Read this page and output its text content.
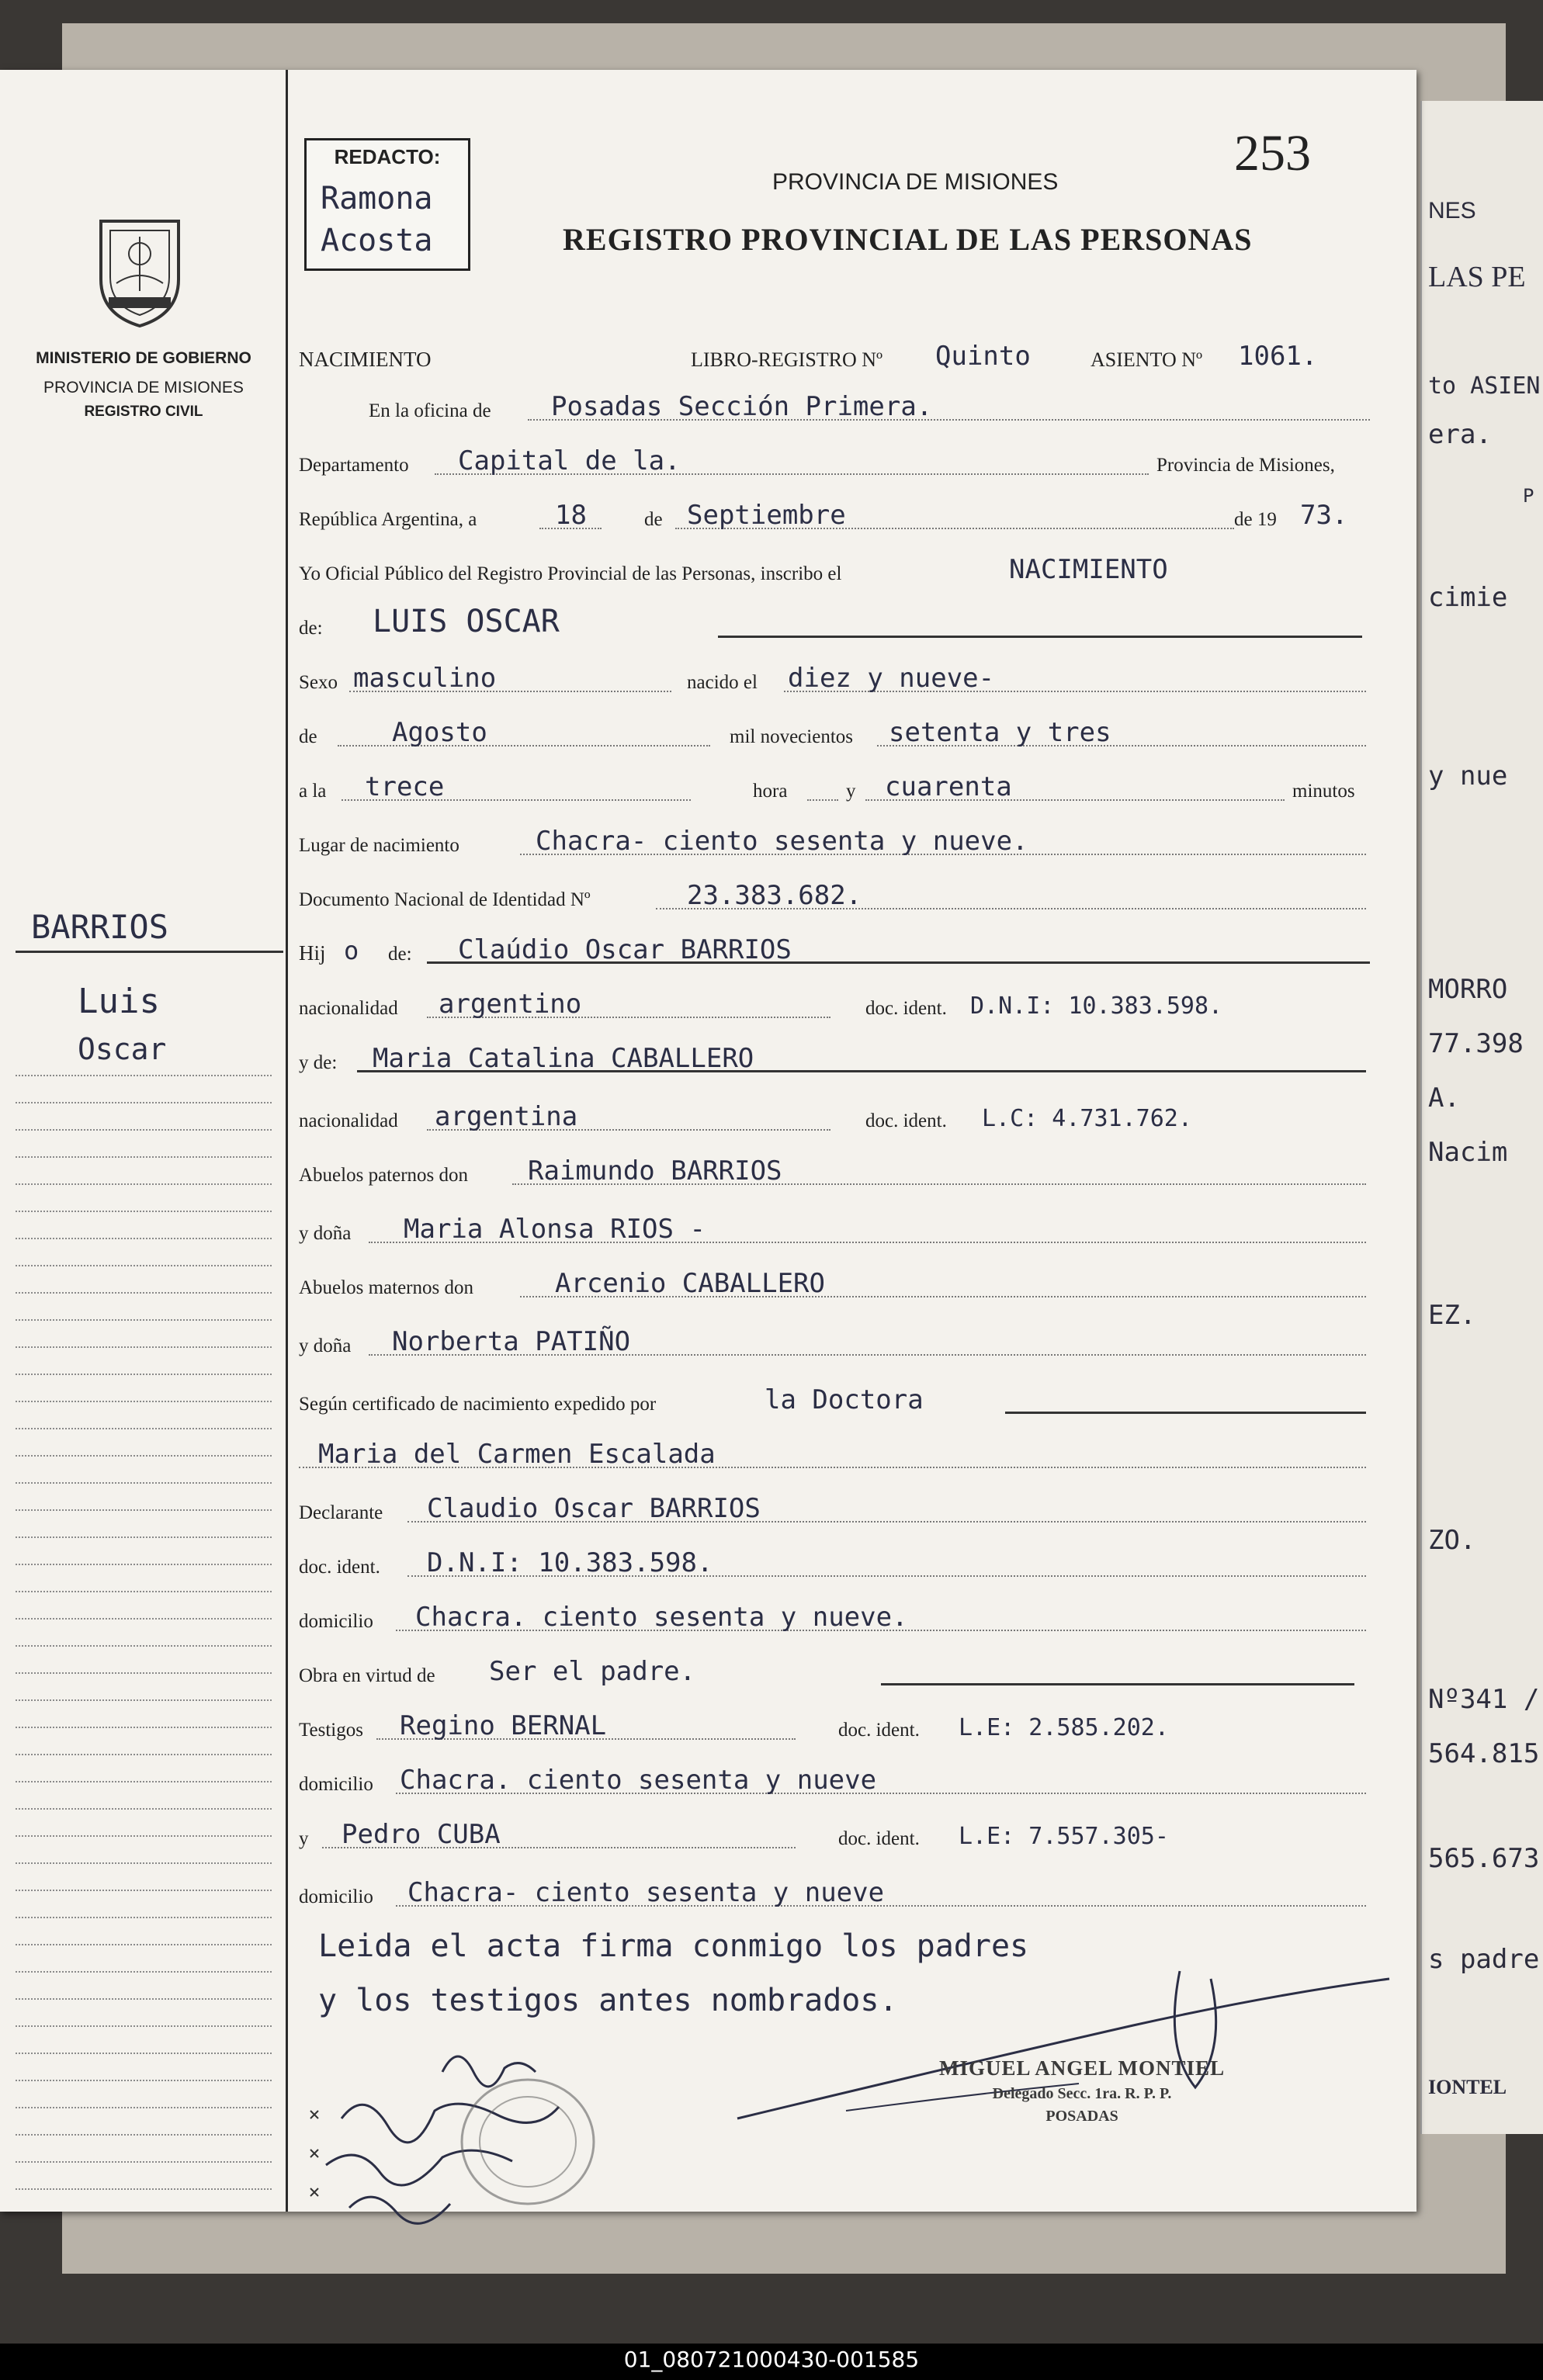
NES
LAS PE
to ASIEN
era.
P
cimie
y nue
MORRO
77.398
A.
Nacim
EZ.
ZO.
Nº341 /
564.815
565.673
s padre
IONTEL
MINISTERIO DE GOBIERNO
PROVINCIA DE MISIONES
REGISTRO CIVIL
BARRIOS
Luis
Oscar
REDACTO:
Ramona
Acosta
253
PROVINCIA DE MISIONES
REGISTRO PROVINCIAL DE LAS PERSONAS
NACIMIENTO	LIBRO-REGISTRO Nº Quinto	ASIENTO Nº 1061.
En la oficina de Posadas Sección Primera.
Departamento Capital de la.	Provincia de Misiones,
República Argentina, a	18	de Septiembre	de 19 73.
Yo Oficial Público del Registro Provincial de las Personas, inscribo el	NACIMIENTO
de: LUIS OSCAR
Sexo masculino	nacido el diez y nueve-
de	Agosto	mil novecientos setenta y tres
a la trece	hora	y cuarenta	minutos
Lugar de nacimiento	Chacra- ciento sesenta y nueve.
Documento Nacional de Identidad Nº	23.383.682.
Hij o de: Claúdio Oscar BARRIOS
nacionalidad argentino	doc. ident. D.N.I: 10.383.598.
y de: Maria Catalina CABALLERO
nacionalidad argentina	doc. ident. L.C: 4.731.762.
Abuelos paternos don Raimundo BARRIOS
y doña Maria Alonsa RIOS -
Abuelos maternos don	Arcenio CABALLERO
y doña Norberta PATIÑO
Según certificado de nacimiento expedido por	la Doctora
Maria del Carmen Escalada
Declarante Claudio Oscar BARRIOS
doc. ident. D.N.I: 10.383.598.
domicilio Chacra. ciento sesenta y nueve.
Obra en virtud de Ser el padre.
Testigos Regino BERNAL	doc. ident. L.E: 2.585.202.
domicilio Chacra. ciento sesenta y nueve
y Pedro CUBA	doc. ident. L.E: 7.557.305-
domicilio Chacra- ciento sesenta y nueve
Leida el acta firma conmigo los padres
y los testigos antes nombrados.
MIGUEL ANGEL MONTIEL
Delegado Secc. 1ra. R. P. P.
POSADAS
01_080721000430-001585
